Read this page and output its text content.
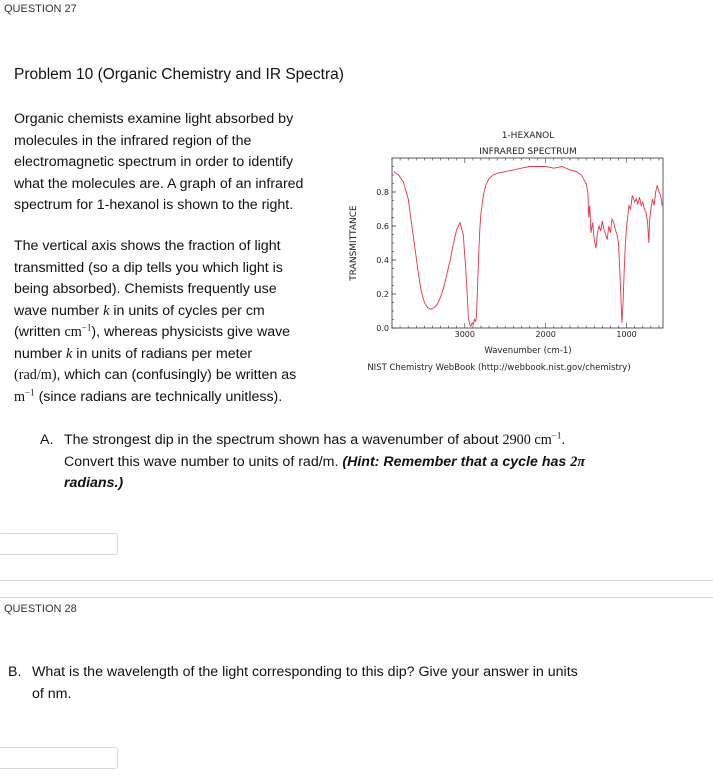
QUESTION 27
Problem 10 (Organic Chemistry and IR Spectra)
Organic chemists examine light absorbed by
molecules in the infrared region of the
electromagnetic spectrum in order to identify
what the molecules are. A graph of an infrared
spectrum for 1-hexanol is shown to the right.
The vertical axis shows the fraction of light
transmitted (so a dip tells you which light is
being absorbed). Chemists frequently use
wave number k in units of cycles per cm
(written $cm^{-1}$), whereas physicists give wave
number k in units of radians per meter
(rad/m), which can (confusingly) be written as
$m^{-1}$ (since radians are technically unitless).
1-HEXANOL
INFRARED SPECTRUM
0.0
0.2
0.4
0.6
0.8
3000	2000	1000
TRANSMITTANCE
Wavenumber (cm-1)
NIST Chemistry WebBook (http://webbook.nist.gov/chemistry)
A. The strongest dip in the spectrum shown has a wavenumber of about 2900 $cm^{-1}$.
Convert this wave number to units of rad/m. (Hint: Remember that a cycle has 2π
radians.)
QUESTION 28
B. What is the wavelength of the light corresponding to this dip? Give your answer in units
of nm.
